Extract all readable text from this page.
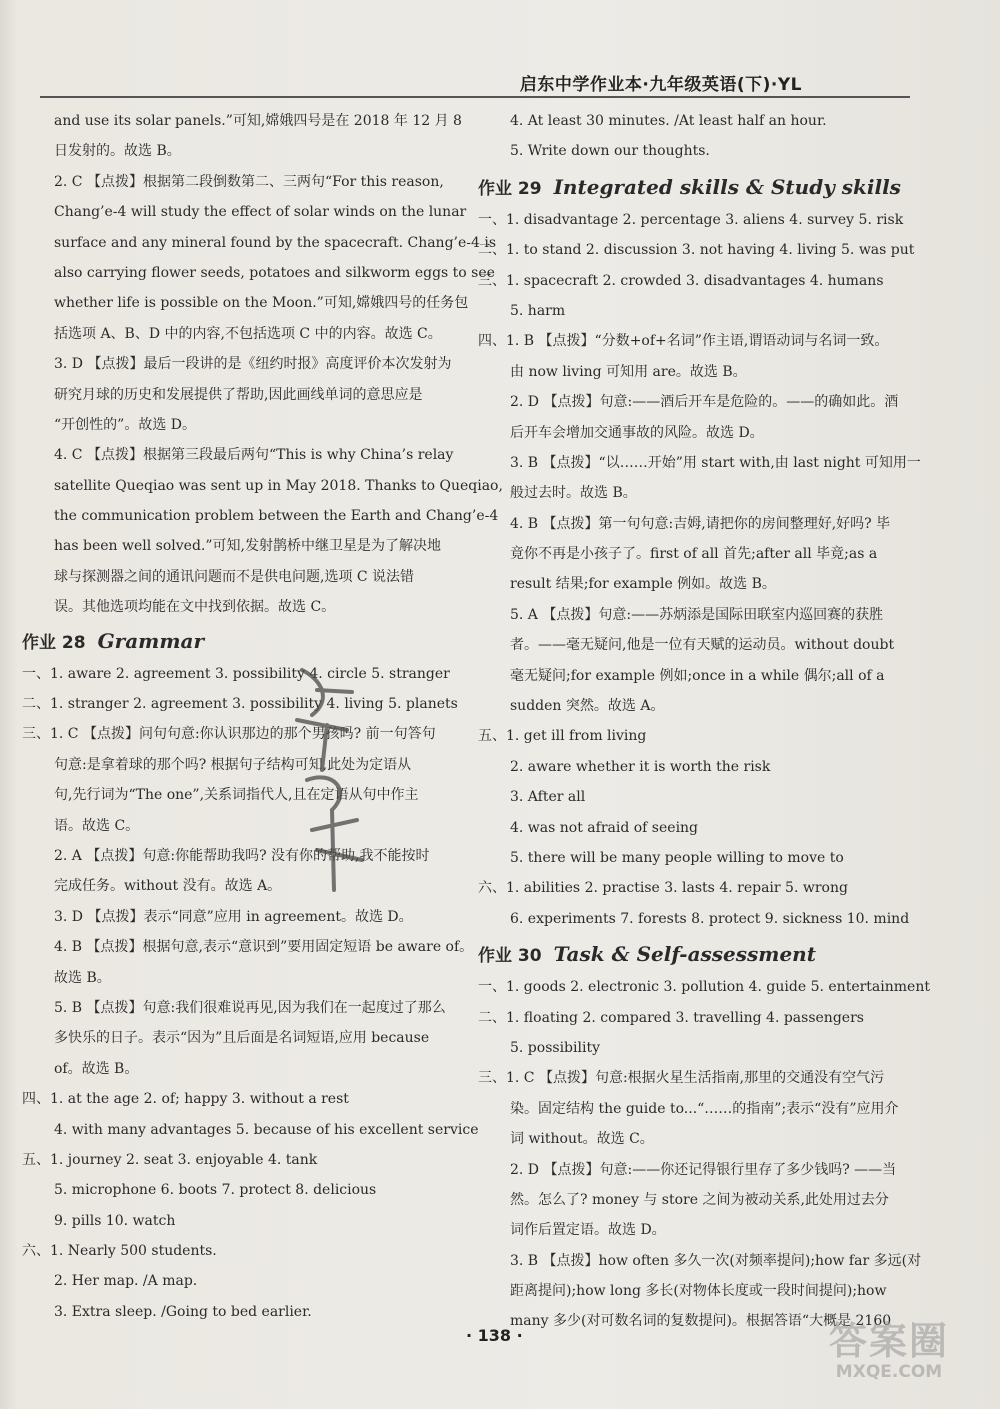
启东中学作业本·九年级英语(下)·YL
and use its solar panels.”可知,嫦娥四号是在 2018 年 12 月 8
日发射的。故选 B。
2. C 【点拨】根据第二段倒数第二、三两句“For this reason,
Chang’e-4 will study the effect of solar winds on the lunar
surface and any mineral found by the spacecraft. Chang’e-4 is
also carrying flower seeds, potatoes and silkworm eggs to see
whether life is possible on the Moon.”可知,嫦娥四号的任务包
括选项 A、B、D 中的内容,不包括选项 C 中的内容。故选 C。
3. D 【点拨】最后一段讲的是《纽约时报》高度评价本次发射为
研究月球的历史和发展提供了帮助,因此画线单词的意思应是
“开创性的”。故选 D。
4. C 【点拨】根据第三段最后两句“This is why China’s relay
satellite Queqiao was sent up in May 2018. Thanks to Queqiao,
the communication problem between the Earth and Chang’e-4
has been well solved.”可知,发射鹊桥中继卫星是为了解决地
球与探测器之间的通讯问题而不是供电问题,选项 C 说法错
误。其他选项均能在文中找到依据。故选 C。
作业 28 Grammar
一、1. aware 2. agreement 3. possibility 4. circle 5. stranger
二、1. stranger 2. agreement 3. possibility 4. living 5. planets
三、1. C 【点拨】问句句意:你认识那边的那个男孩吗? 前一句答句
句意:是拿着球的那个吗? 根据句子结构可知,此处为定语从
句,先行词为“The one”,关系词指代人,且在定语从句中作主
语。故选 C。
2. A 【点拨】句意:你能帮助我吗? 没有你的帮助,我不能按时
完成任务。without 没有。故选 A。
3. D 【点拨】表示“同意”应用 in agreement。故选 D。
4. B 【点拨】根据句意,表示“意识到”要用固定短语 be aware of。
故选 B。
5. B 【点拨】句意:我们很难说再见,因为我们在一起度过了那么
多快乐的日子。表示“因为”且后面是名词短语,应用 because
of。故选 B。
四、1. at the age 2. of; happy 3. without a rest
4. with many advantages 5. because of his excellent service
五、1. journey 2. seat 3. enjoyable 4. tank
5. microphone 6. boots 7. protect 8. delicious
9. pills 10. watch
六、1. Nearly 500 students.
2. Her map. /A map.
3. Extra sleep. /Going to bed earlier.
4. At least 30 minutes. /At least half an hour.
5. Write down our thoughts.
作业 29 Integrated skills & Study skills
一、1. disadvantage 2. percentage 3. aliens 4. survey 5. risk
二、1. to stand 2. discussion 3. not having 4. living 5. was put
三、1. spacecraft 2. crowded 3. disadvantages 4. humans
5. harm
四、1. B 【点拨】“分数+of+名词”作主语,谓语动词与名词一致。
由 now living 可知用 are。故选 B。
2. D 【点拨】句意:——酒后开车是危险的。——的确如此。酒
后开车会增加交通事故的风险。故选 D。
3. B 【点拨】“以……开始”用 start with,由 last night 可知用一
般过去时。故选 B。
4. B 【点拨】第一句句意:吉姆,请把你的房间整理好,好吗? 毕
竟你不再是小孩子了。first of all 首先;after all 毕竟;as a
result 结果;for example 例如。故选 B。
5. A 【点拨】句意:——苏炳添是国际田联室内巡回赛的获胜
者。——毫无疑问,他是一位有天赋的运动员。without doubt
毫无疑问;for example 例如;once in a while 偶尔;all of a
sudden 突然。故选 A。
五、1. get ill from living
2. aware whether it is worth the risk
3. After all
4. was not afraid of seeing
5. there will be many people willing to move to
六、1. abilities 2. practise 3. lasts 4. repair 5. wrong
6. experiments 7. forests 8. protect 9. sickness 10. mind
作业 30 Task & Self-assessment
一、1. goods 2. electronic 3. pollution 4. guide 5. entertainment
二、1. floating 2. compared 3. travelling 4. passengers
5. possibility
三、1. C 【点拨】句意:根据火星生活指南,那里的交通没有空气污
染。固定结构 the guide to...“……的指南”;表示“没有”应用介
词 without。故选 C。
2. D 【点拨】句意:——你还记得银行里存了多少钱吗? ——当
然。怎么了? money 与 store 之间为被动关系,此处用过去分
词作后置定语。故选 D。
3. B 【点拨】how often 多久一次(对频率提问);how far 多远(对
距离提问);how long 多长(对物体长度或一段时间提问);how
many 多少(对可数名词的复数提问)。根据答语“大概是 2160
· 138 ·	答案圈
MXQE.COM
